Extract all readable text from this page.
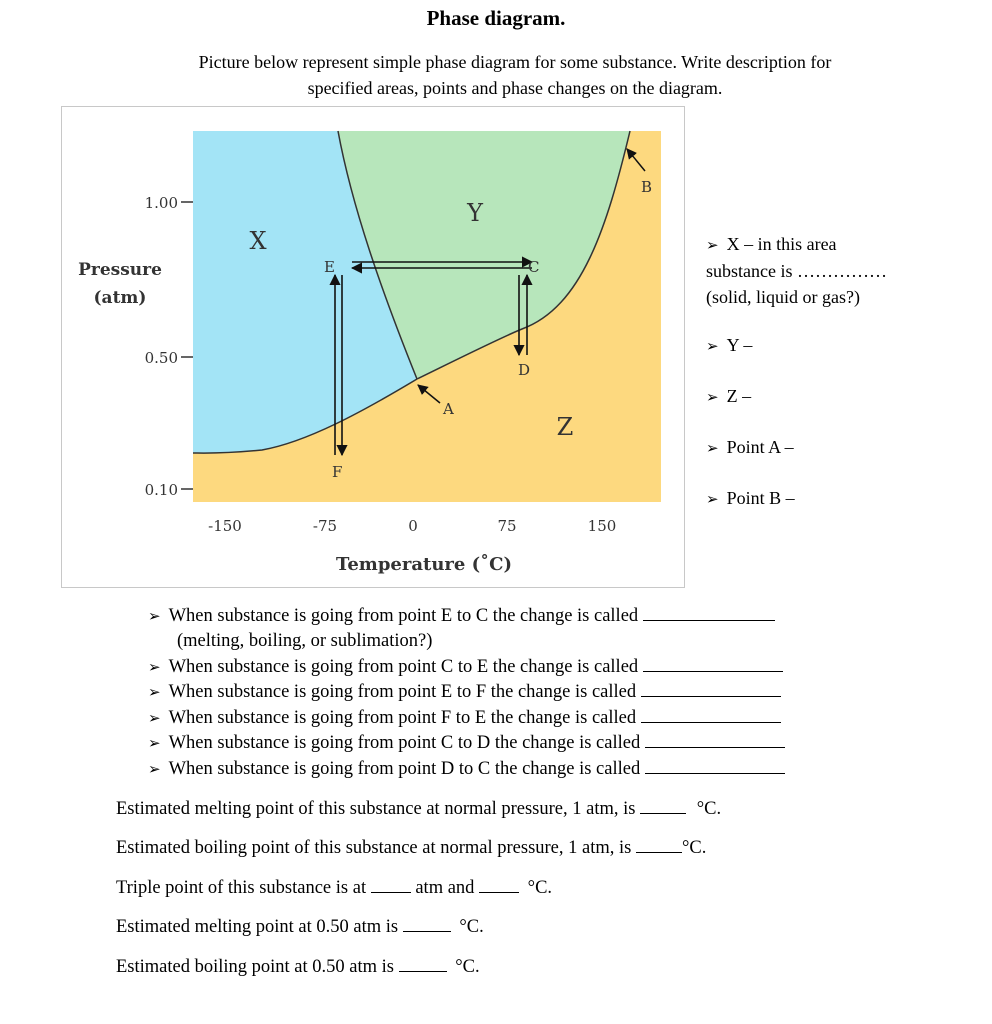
Phase diagram.
Picture below represent simple phase diagram for some substance. Write description for
specified areas, points and phase changes on the diagram.
1.00
0.50
0.10
Pressure
(atm)
-150	-75	0	75	150
Temperature (˚C)
X
Y
Z
E	C
F
D
A
B
➢ X – in this area
substance is ……………
(solid, liquid or gas?)
➢ Y –
➢ Z –
➢ Point A –
➢ Point B –
➢ When substance is going from point E to C the change is called
(melting, boiling, or sublimation?)
➢ When substance is going from point C to E the change is called
➢ When substance is going from point E to F the change is called
➢ When substance is going from point F to E the change is called
➢ When substance is going from point C to D the change is called
➢ When substance is going from point D to C the change is called
Estimated melting point of this substance at normal pressure, 1 atm, is	°C.
Estimated boiling point of this substance at normal pressure, 1 atm, is	°C.
Triple point of this substance is at	atm and	°C.
Estimated melting point at 0.50 atm is	°C.
Estimated boiling point at 0.50 atm is	°C.
